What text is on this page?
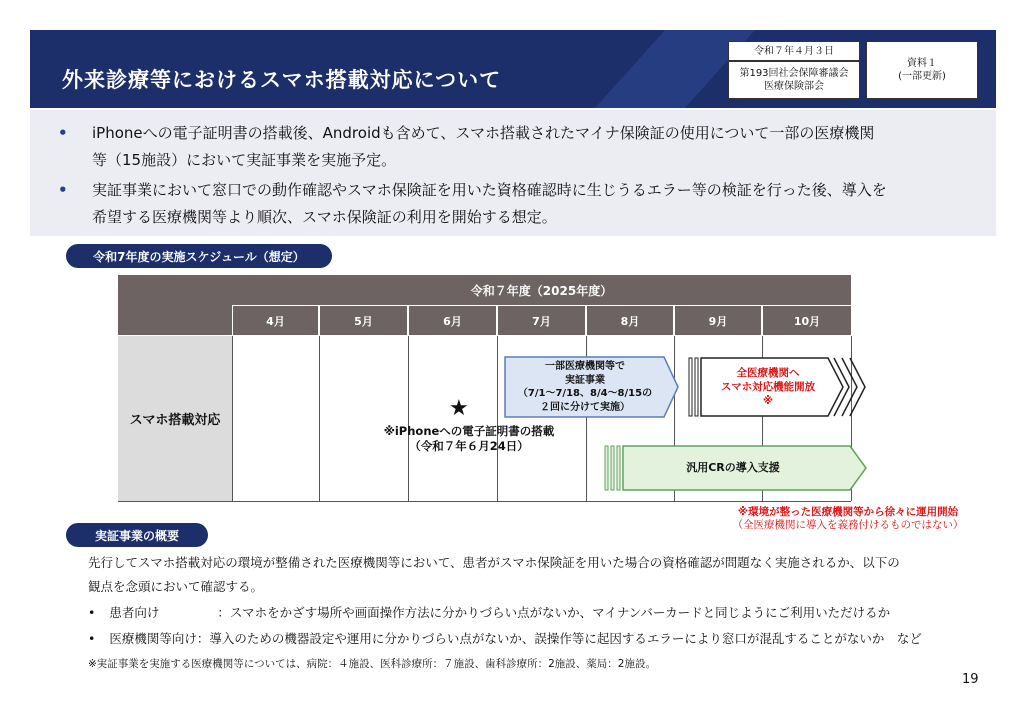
外来診療等におけるスマホ搭載対応について
令和７年４月３日
第193回社会保障審議会
医療保険部会
資料１
(一部更新)
• iPhoneへの電子証明書の搭載後、Androidも含めて、スマホ搭載されたマイナ保険証の使用について一部の医療機関
等（15施設）において実証事業を実施予定。
• 実証事業において窓口での動作確認やスマホ保険証を用いた資格確認時に生じうるエラー等の検証を行った後、導入を
希望する医療機関等より順次、スマホ保険証の利用を開始する想定。
令和7年度の実施スケジュール（想定）
令和７年度（2025年度）
4月	5月	6月	7月	8月	9月	10月
スマホ搭載対応	★
※iPhoneへの電子証明書の搭載
（令和７年６月24日）
一部医療機関等で
実証事業
（7/1～7/18、8/4～8/15の
２回に分けて実施）
全医療機関へ
スマホ対応機能開放
※
汎用CRの導入支援
※環境が整った医療機関等から徐々に運用開始
（全医療機関に導入を義務付けるものではない）
実証事業の概要
先行してスマホ搭載対応の環境が整備された医療機関等において、患者がスマホ保険証を用いた場合の資格確認が問題なく実施されるか、以下の
観点を念頭において確認する。
• 患者向け	：スマホをかざす場所や画面操作方法に分かりづらい点がないか、マイナンバーカードと同じようにご利用いただけるか
• 医療機関等向け：導入のための機器設定や運用に分かりづらい点がないか、誤操作等に起因するエラーにより窓口が混乱することがないか　など
※実証事業を実施する医療機関等については、病院：４施設、医科診療所：７施設、歯科診療所：2施設、薬局：2施設。
19
